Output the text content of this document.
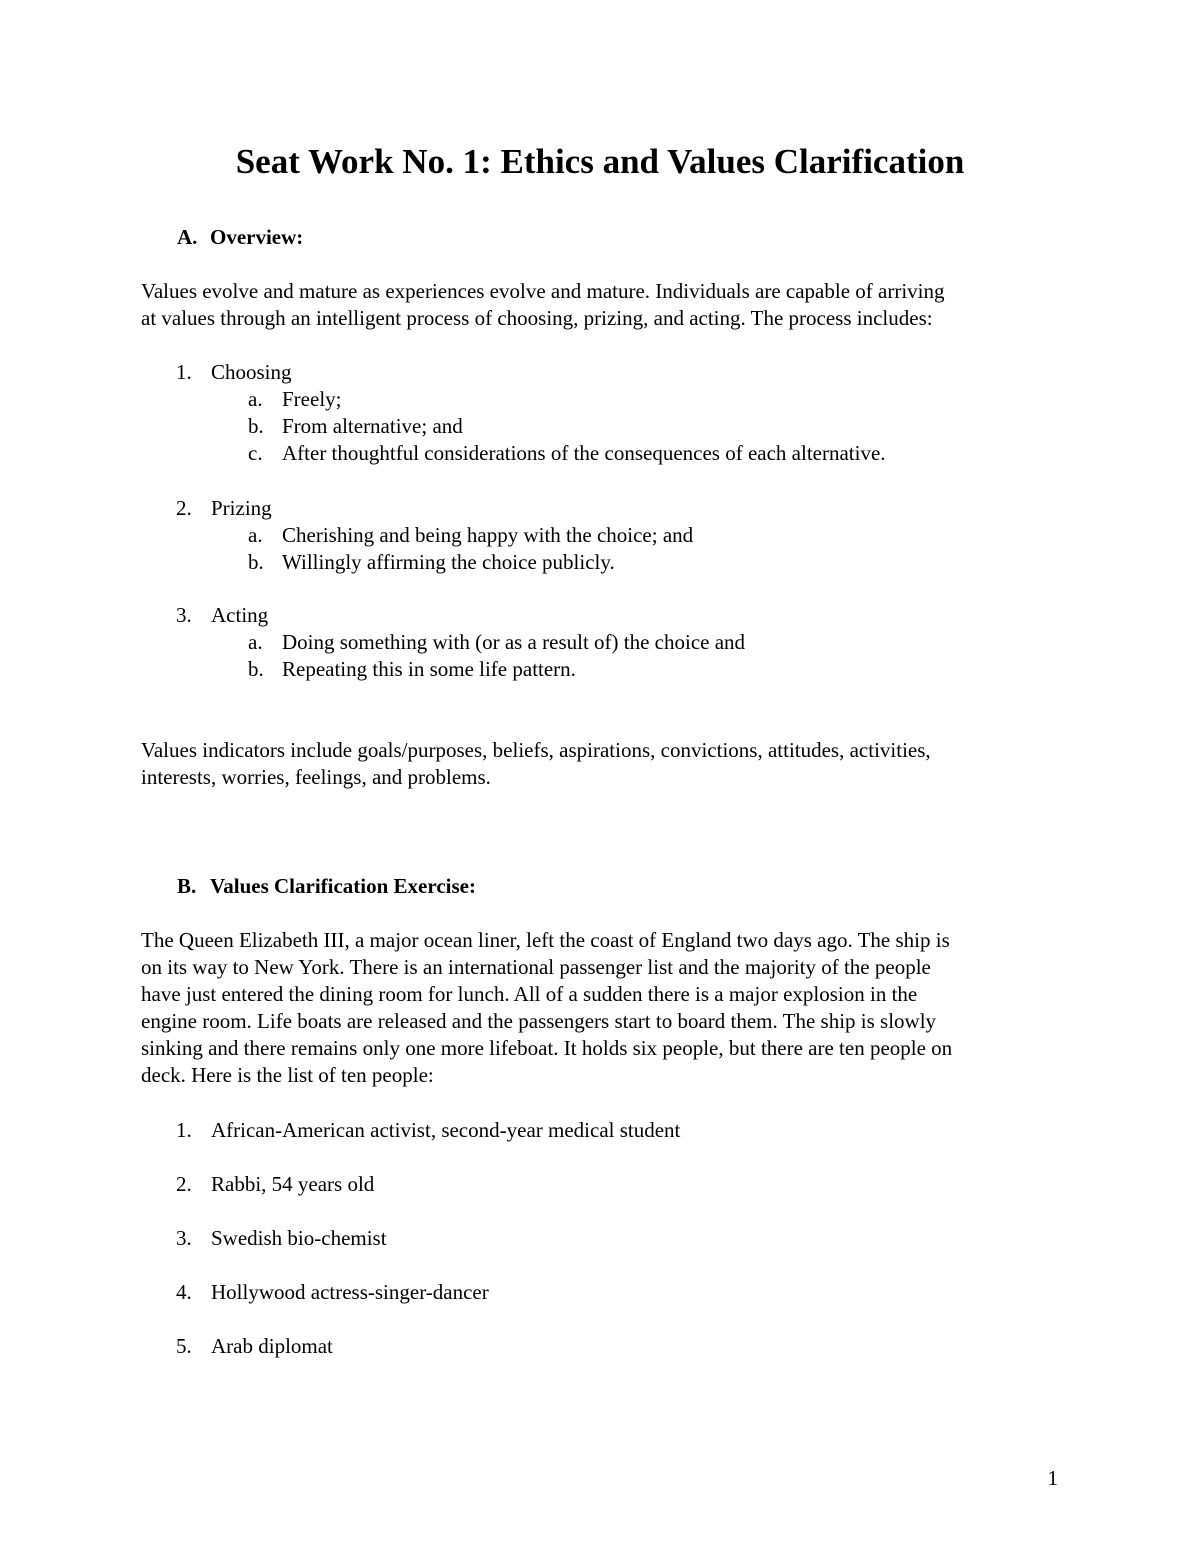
Seat Work No. 1: Ethics and Values Clarification
A. Overview:

Values evolve and mature as experiences evolve and mature. Individuals are capable of arriving
at values through an intelligent process of choosing, prizing, and acting. The process includes:

1. Choosing
a. Freely;
b. From alternative; and
c. After thoughtful considerations of the consequences of each alternative.
2. Prizing
a. Cherishing and being happy with the choice; and
b. Willingly affirming the choice publicly.
3. Acting
a. Doing something with (or as a result of) the choice and
b. Repeating this in some life pattern.

Values indicators include goals/purposes, beliefs, aspirations, convictions, attitudes, activities,
interests, worries, feelings, and problems.

B. Values Clarification Exercise:

The Queen Elizabeth III, a major ocean liner, left the coast of England two days ago. The ship is
on its way to New York. There is an international passenger list and the majority of the people
have just entered the dining room for lunch. All of a sudden there is a major explosion in the
engine room. Life boats are released and the passengers start to board them. The ship is slowly
sinking and there remains only one more lifeboat. It holds six people, but there are ten people on
deck. Here is the list of ten people:

1. African-American activist, second-year medical student
2. Rabbi, 54 years old
3. Swedish bio-chemist
4. Hollywood actress-singer-dancer
5. Arab diplomat

1
